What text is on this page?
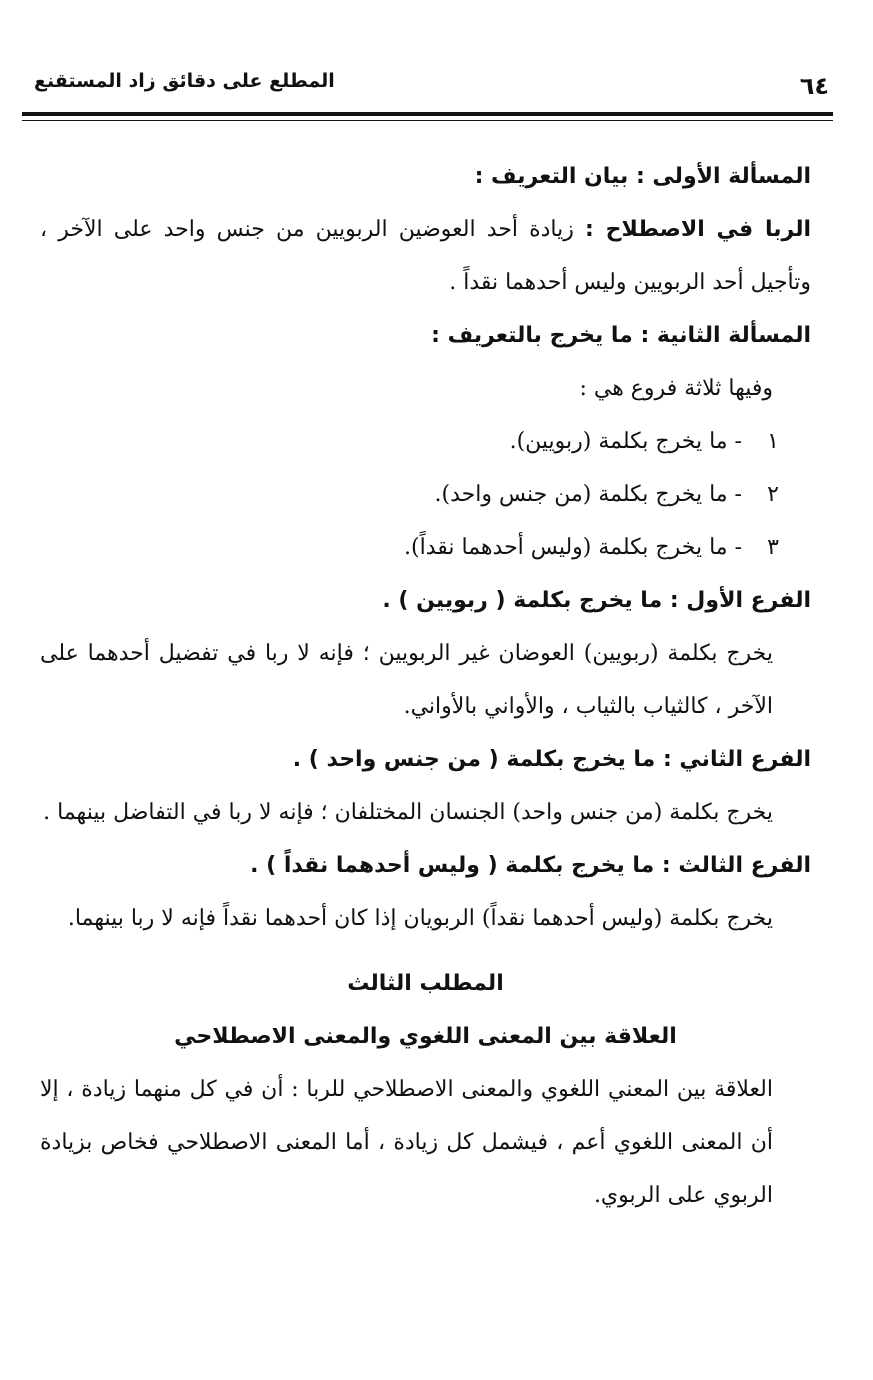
المطلع على دقائق زاد المستقنع	٦٤

المسألة الأولى : بيان التعريف :

الربا في الاصطلاح : زيادة أحد العوضين الربويين من جنس واحد على الآخر ، وتأجيل أحد الربويين وليس أحدهما نقداً .

المسألة الثانية : ما يخرج بالتعريف :

وفيها ثلاثة فروع هي :

١ - ما يخرج بكلمة (ربويين).

٢ - ما يخرج بكلمة (من جنس واحد).

٣ - ما يخرج بكلمة (وليس أحدهما نقداً).

الفرع الأول : ما يخرج بكلمة ( ربويين ) .

يخرج بكلمة (ربويين) العوضان غير الربويين ؛ فإنه لا ربا في تفضيل أحدهما على الآخر ، كالثياب بالثياب ، والأواني بالأواني.

الفرع الثاني : ما يخرج بكلمة ( من جنس واحد ) .

يخرج بكلمة (من جنس واحد) الجنسان المختلفان ؛ فإنه لا ربا في التفاضل بينهما .

الفرع الثالث : ما يخرج بكلمة ( وليس أحدهما نقداً ) .

يخرج بكلمة (وليس أحدهما نقداً) الربويان إذا كان أحدهما نقداً فإنه لا ربا بينهما.

المطلب الثالث

العلاقة بين المعنى اللغوي والمعنى الاصطلاحي

العلاقة بين المعني اللغوي والمعنى الاصطلاحي للربا : أن في كل منهما زيادة ، إلا أن المعنى اللغوي أعم ، فيشمل كل زيادة ، أما المعنى الاصطلاحي فخاص بزيادة الربوي على الربوي.
